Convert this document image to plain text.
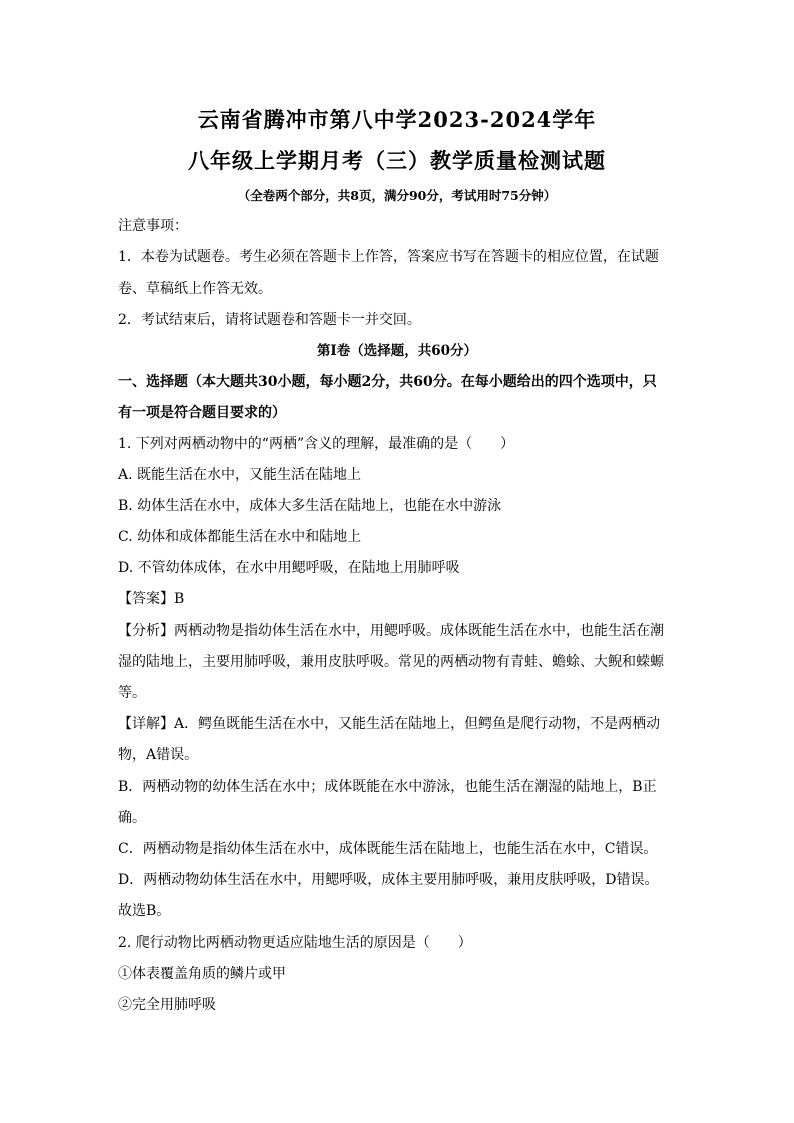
云南省腾冲市第八中学2023-2024学年
八年级上学期月考（三）教学质量检测试题
（全卷两个部分，共8页，满分90分，考试用时75分钟）
注意事项：
1．本卷为试题卷。考生必须在答题卡上作答，答案应书写在答题卡的相应位置，在试题
卷、草稿纸上作答无效。
2．考试结束后，请将试题卷和答题卡一并交回。
第Ⅰ卷（选择题，共60分）
一、选择题（本大题共30小题，每小题2分，共60分。在每小题给出的四个选项中，只
有一项是符合题目要求的）
1. 下列对两栖动物中的“两栖”含义的理解，最准确的是（　　）
A. 既能生活在水中，又能生活在陆地上
B. 幼体生活在水中，成体大多生活在陆地上，也能在水中游泳
C. 幼体和成体都能生活在水中和陆地上
D. 不管幼体成体，在水中用鳃呼吸，在陆地上用肺呼吸
【答案】B
【分析】两栖动物是指幼体生活在水中，用鳃呼吸。成体既能生活在水中，也能生活在潮
湿的陆地上，主要用肺呼吸，兼用皮肤呼吸。常见的两栖动物有青蛙、蟾蜍、大鲵和蝾螈
等。
【详解】A．鳄鱼既能生活在水中，又能生活在陆地上，但鳄鱼是爬行动物，不是两栖动
物，A错误。
B．两栖动物的幼体生活在水中；成体既能在水中游泳，也能生活在潮湿的陆地上，B正
确。
C．两栖动物是指幼体生活在水中，成体既能生活在陆地上，也能生活在水中，C错误。
D．两栖动物幼体生活在水中，用鳃呼吸，成体主要用肺呼吸，兼用皮肤呼吸，D错误。
故选B。
2. 爬行动物比两栖动物更适应陆地生活的原因是（　　）
①体表覆盖角质的鳞片或甲
②完全用肺呼吸
